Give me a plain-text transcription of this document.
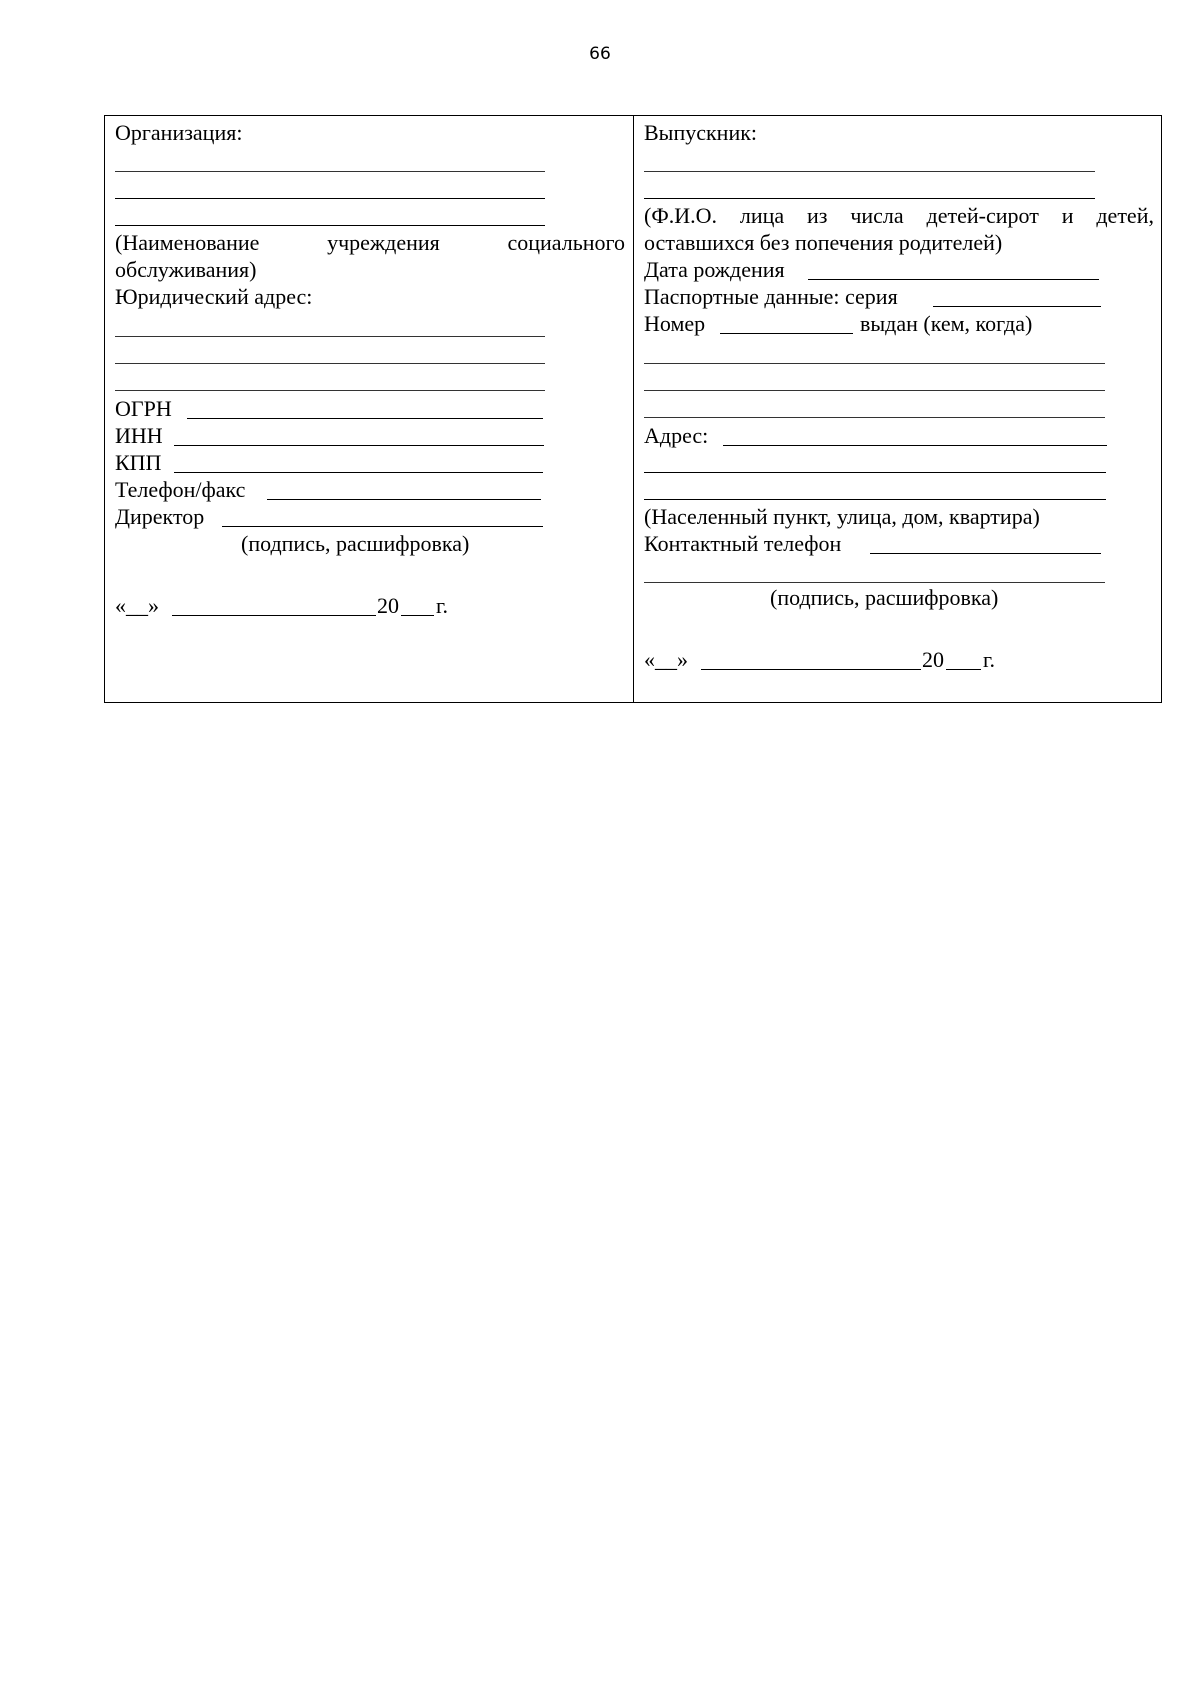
66
Организация:
(Наименование	учреждения	социального
обслуживания)
Юридический адрес:
ОГРН
ИНН
КПП
Телефон/факс
Директор
(подпись, расшифровка)
«__»	20 г.
Выпускник:
(Ф.И.О. лица из числа детей-сирот и детей,
оставшихся без попечения родителей)
Дата рождения
Паспортные данные: серия
Номер	выдан (кем, когда)
Адрес:
(Населенный пункт, улица, дом, квартира)
Контактный телефон
(подпись, расшифровка)
«__»	20 г.
